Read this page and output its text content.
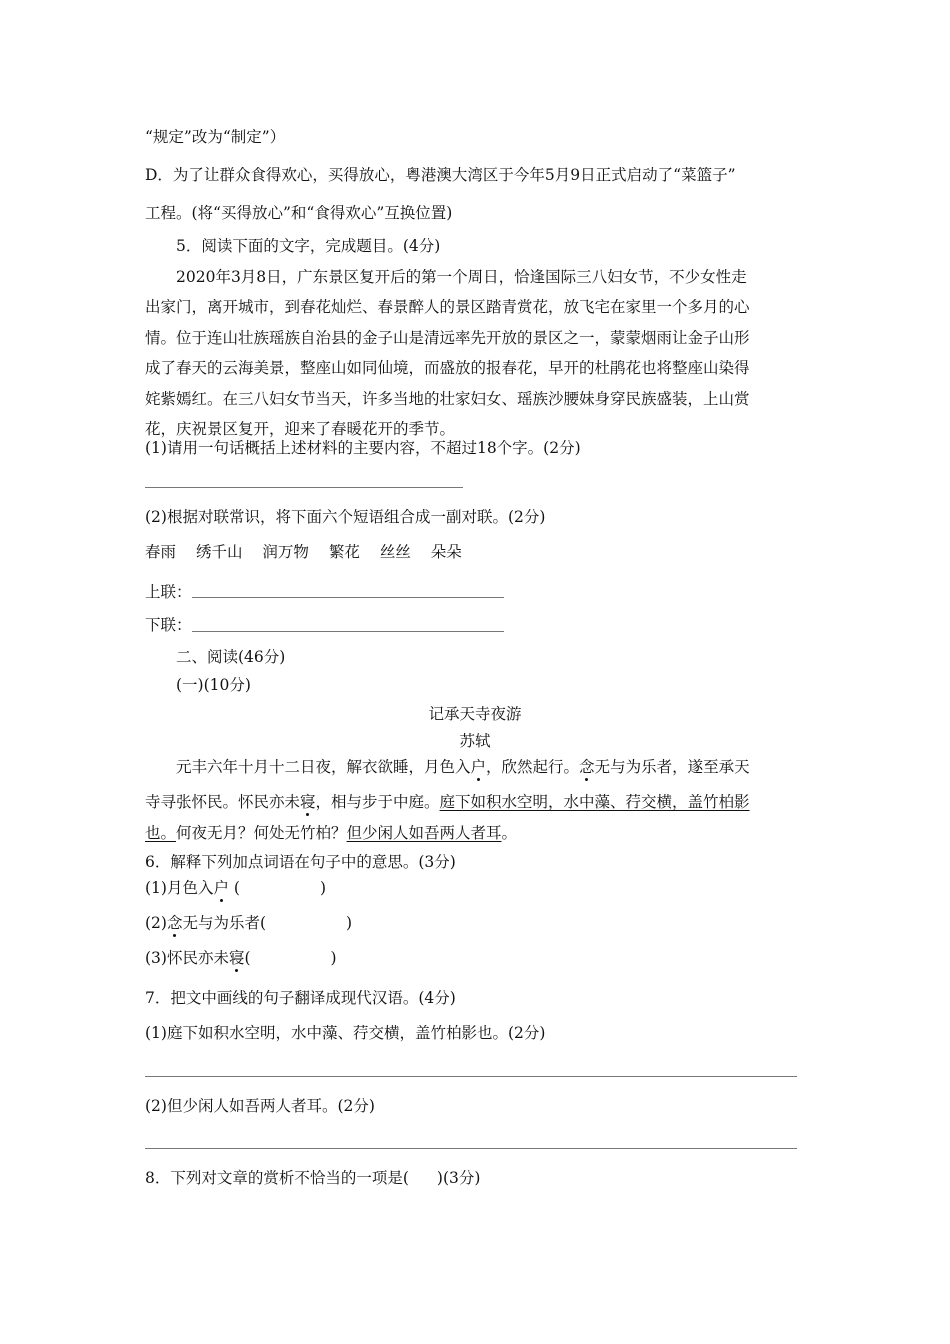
“规定”改为“制定”）
D．为了让群众食得欢心，买得放心，粤港澳大湾区于今年5月9日正式启动了“菜篮子”
工程。(将“买得放心”和“食得欢心”互换位置)
5．阅读下面的文字，完成题目。(4分)
2020年3月8日，广东景区复开后的第一个周日，恰逢国际三八妇女节，不少女性走
出家门，离开城市，到春花灿烂、春景醉人的景区踏青赏花，放飞宅在家里一个多月的心
情。位于连山壮族瑶族自治县的金子山是清远率先开放的景区之一，蒙蒙烟雨让金子山形
成了春天的云海美景，整座山如同仙境，而盛放的报春花，早开的杜鹃花也将整座山染得
姹紫嫣红。在三八妇女节当天，许多当地的壮家妇女、瑶族沙腰妹身穿民族盛装，上山赏
花，庆祝景区复开，迎来了春暖花开的季节。
(1)请用一句话概括上述材料的主要内容，不超过18个字。(2分)
(2)根据对联常识，将下面六个短语组合成一副对联。(2分)
春雨 绣千山 润万物 繁花 丝丝 朵朵
上联：
下联：
二、阅读(46分)
(一)(10分)
记承天寺夜游
苏轼
元丰六年十月十二日夜，解衣欲睡，月色入户，欣然起行。念无与为乐者，遂至承天
寺寻张怀民。怀民亦未寝，相与步于中庭。庭下如积水空明，水中藻、荇交横，盖竹柏影
也。何夜无月？何处无竹柏？但少闲人如吾两人者耳。
6．解释下列加点词语在句子中的意思。(3分)
(1)月色入户 (	)
(2)念无与为乐者(	)
(3)怀民亦未寝(	)
7．把文中画线的句子翻译成现代汉语。(4分)
(1)庭下如积水空明，水中藻、荇交横，盖竹柏影也。(2分)
(2)但少闲人如吾两人者耳。(2分)
8．下列对文章的赏析不恰当的一项是( )(3分)
